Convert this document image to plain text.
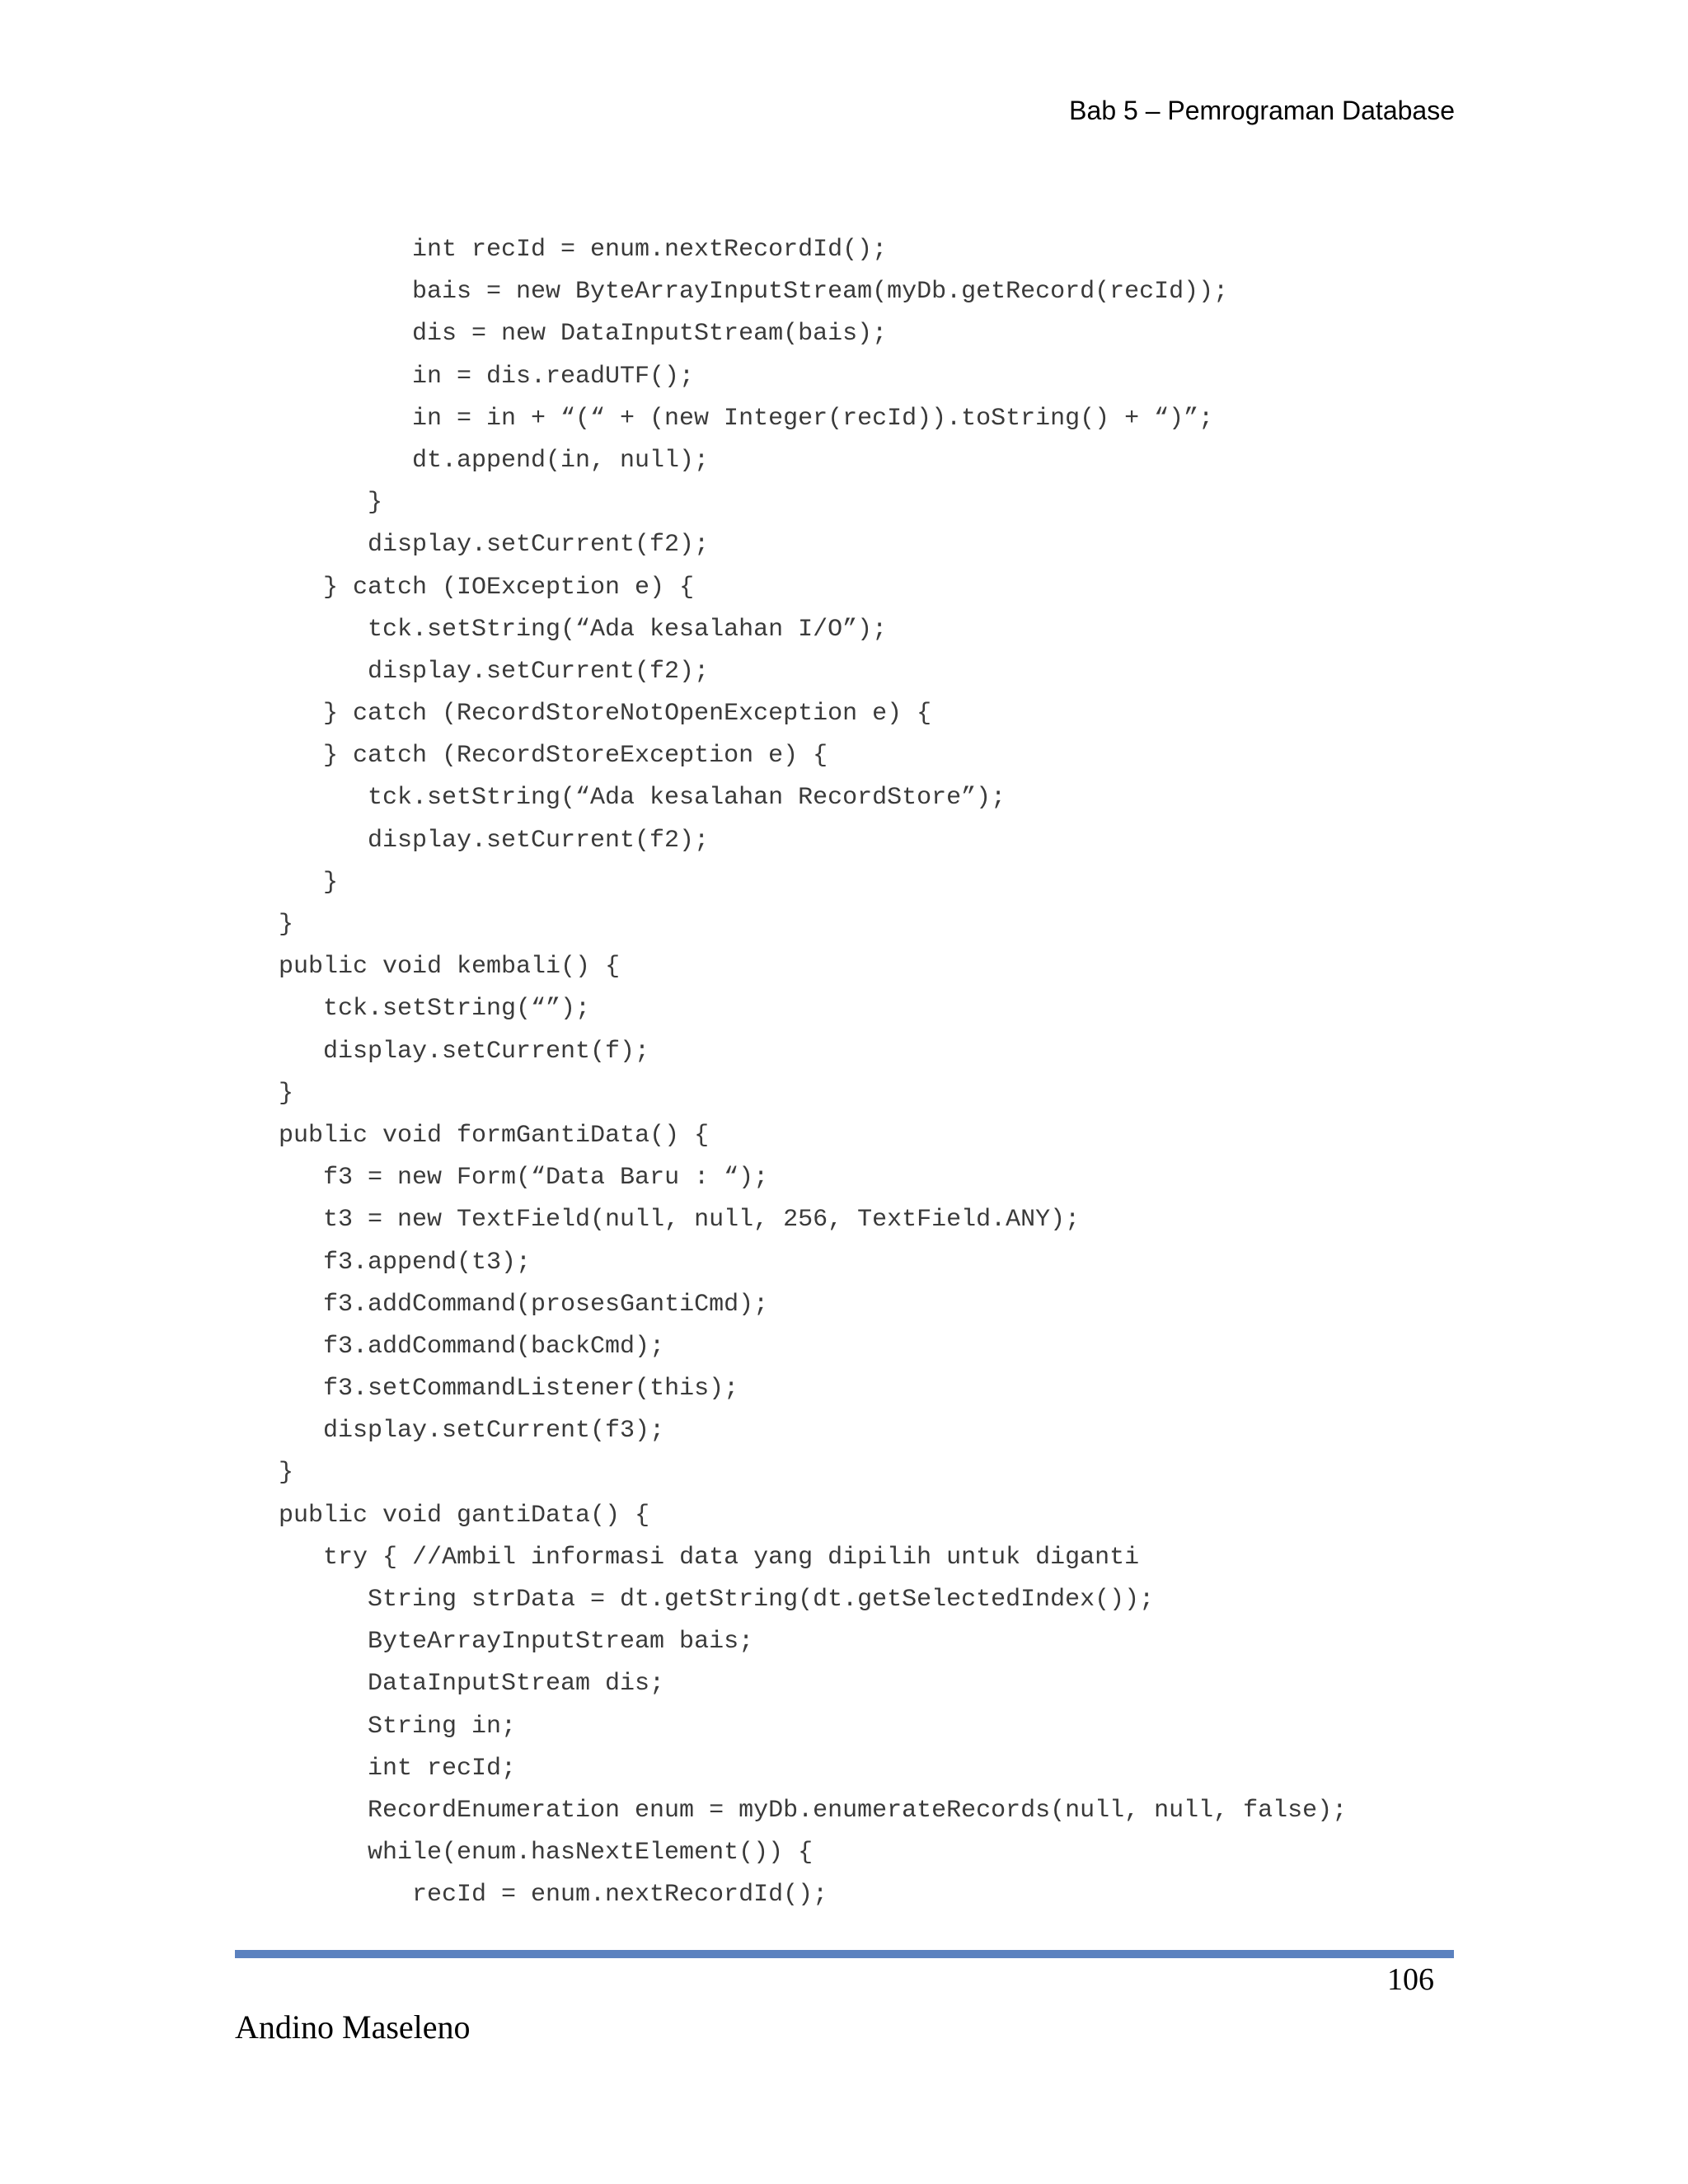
Bab 5 – Pemrograman Database
int recId = enum.nextRecordId();
bais = new ByteArrayInputStream(myDb.getRecord(recId));
dis = new DataInputStream(bais);
in = dis.readUTF();
in = in + “(“ + (new Integer(recId)).toString() + “)”;
dt.append(in, null);
}
display.setCurrent(f2);
} catch (IOException e) {
tck.setString(“Ada kesalahan I/O”);
display.setCurrent(f2);
} catch (RecordStoreNotOpenException e) {
} catch (RecordStoreException e) {
tck.setString(“Ada kesalahan RecordStore”);
display.setCurrent(f2);
}
}
public void kembali() {
tck.setString(“”);
display.setCurrent(f);
}
public void formGantiData() {
f3 = new Form(“Data Baru : “);
t3 = new TextField(null, null, 256, TextField.ANY);
f3.append(t3);
f3.addCommand(prosesGantiCmd);
f3.addCommand(backCmd);
f3.setCommandListener(this);
display.setCurrent(f3);
}
public void gantiData() {
try { //Ambil informasi data yang dipilih untuk diganti
String strData = dt.getString(dt.getSelectedIndex());
ByteArrayInputStream bais;
DataInputStream dis;
String in;
int recId;
RecordEnumeration enum = myDb.enumerateRecords(null, null, false);
while(enum.hasNextElement()) {
recId = enum.nextRecordId();
106
Andino Maseleno
